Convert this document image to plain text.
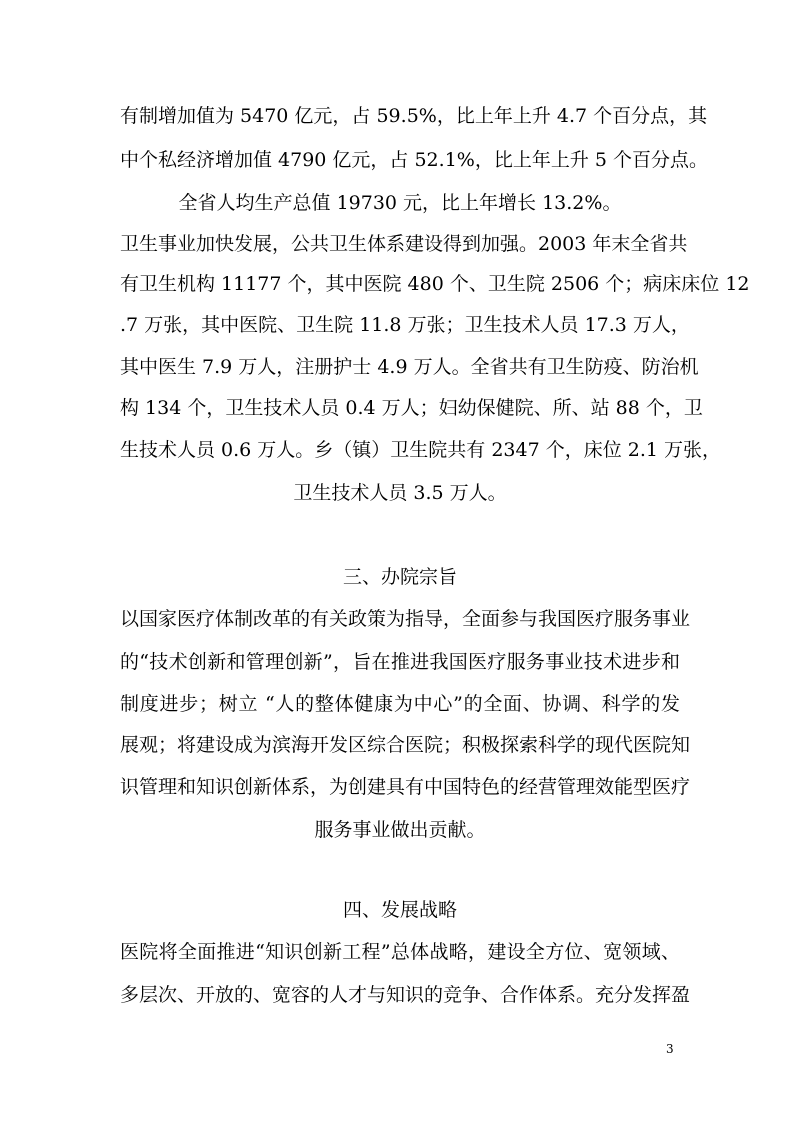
有制增加值为 5470 亿元，占 59.5%，比上年上升 4.7 个百分点，其
中个私经济增加值 4790 亿元，占 52.1%，比上年上升 5 个百分点。
全省人均生产总值 19730 元，比上年增长 13.2%。
卫生事业加快发展，公共卫生体系建设得到加强。2003 年末全省共
有卫生机构 11177 个，其中医院 480 个、卫生院 2506 个；病床床位 12
.7 万张，其中医院、卫生院 11.8 万张；卫生技术人员 17.3 万人，
其中医生 7.9 万人，注册护士 4.9 万人。全省共有卫生防疫、防治机
构 134 个，卫生技术人员 0.4 万人；妇幼保健院、所、站 88 个，卫
生技术人员 0.6 万人。乡（镇）卫生院共有 2347 个，床位 2.1 万张，
卫生技术人员 3.5 万人。
三、办院宗旨
以国家医疗体制改革的有关政策为指导，全面参与我国医疗服务事业
的“技术创新和管理创新”，旨在推进我国医疗服务事业技术进步和
制度进步；树立 “人的整体健康为中心”的全面、协调、科学的发
展观；将建设成为滨海开发区综合医院；积极探索科学的现代医院知
识管理和知识创新体系，为创建具有中国特色的经营管理效能型医疗
服务事业做出贡献。
四、发展战略
医院将全面推进“知识创新工程”总体战略，建设全方位、宽领域、
多层次、开放的、宽容的人才与知识的竞争、合作体系。充分发挥盈
3
